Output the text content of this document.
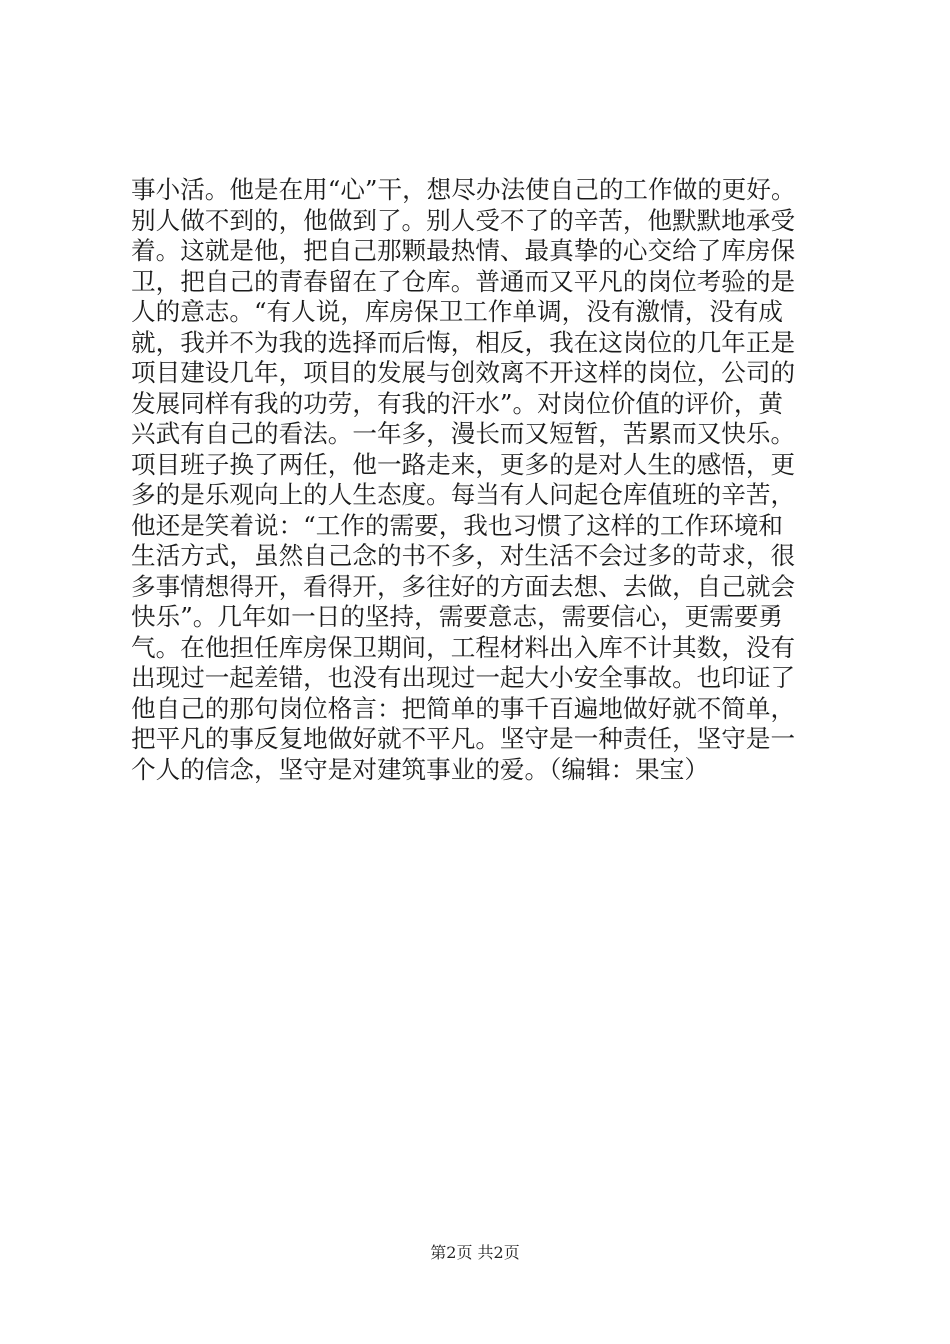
事小活。他是在用“心”干，想尽办法使自己的工作做的更好。
别人做不到的，他做到了。别人受不了的辛苦，他默默地承受
着。这就是他，把自己那颗最热情、最真挚的心交给了库房保
卫，把自己的青春留在了仓库。普通而又平凡的岗位考验的是
人的意志。“有人说，库房保卫工作单调，没有激情，没有成
就，我并不为我的选择而后悔，相反，我在这岗位的几年正是
项目建设几年，项目的发展与创效离不开这样的岗位，公司的
发展同样有我的功劳，有我的汗水”。对岗位价值的评价，黄
兴武有自己的看法。一年多，漫长而又短暂，苦累而又快乐。
项目班子换了两任，他一路走来，更多的是对人生的感悟，更
多的是乐观向上的人生态度。每当有人问起仓库值班的辛苦，
他还是笑着说：“工作的需要，我也习惯了这样的工作环境和
生活方式，虽然自己念的书不多，对生活不会过多的苛求，很
多事情想得开，看得开，多往好的方面去想、去做，自己就会
快乐”。几年如一日的坚持，需要意志，需要信心，更需要勇
气。在他担任库房保卫期间，工程材料出入库不计其数，没有
出现过一起差错，也没有出现过一起大小安全事故。也印证了
他自己的那句岗位格言：把简单的事千百遍地做好就不简单，
把平凡的事反复地做好就不平凡。坚守是一种责任，坚守是一
个人的信念，坚守是对建筑事业的爱。（编辑：果宝）
第2页 共2页
